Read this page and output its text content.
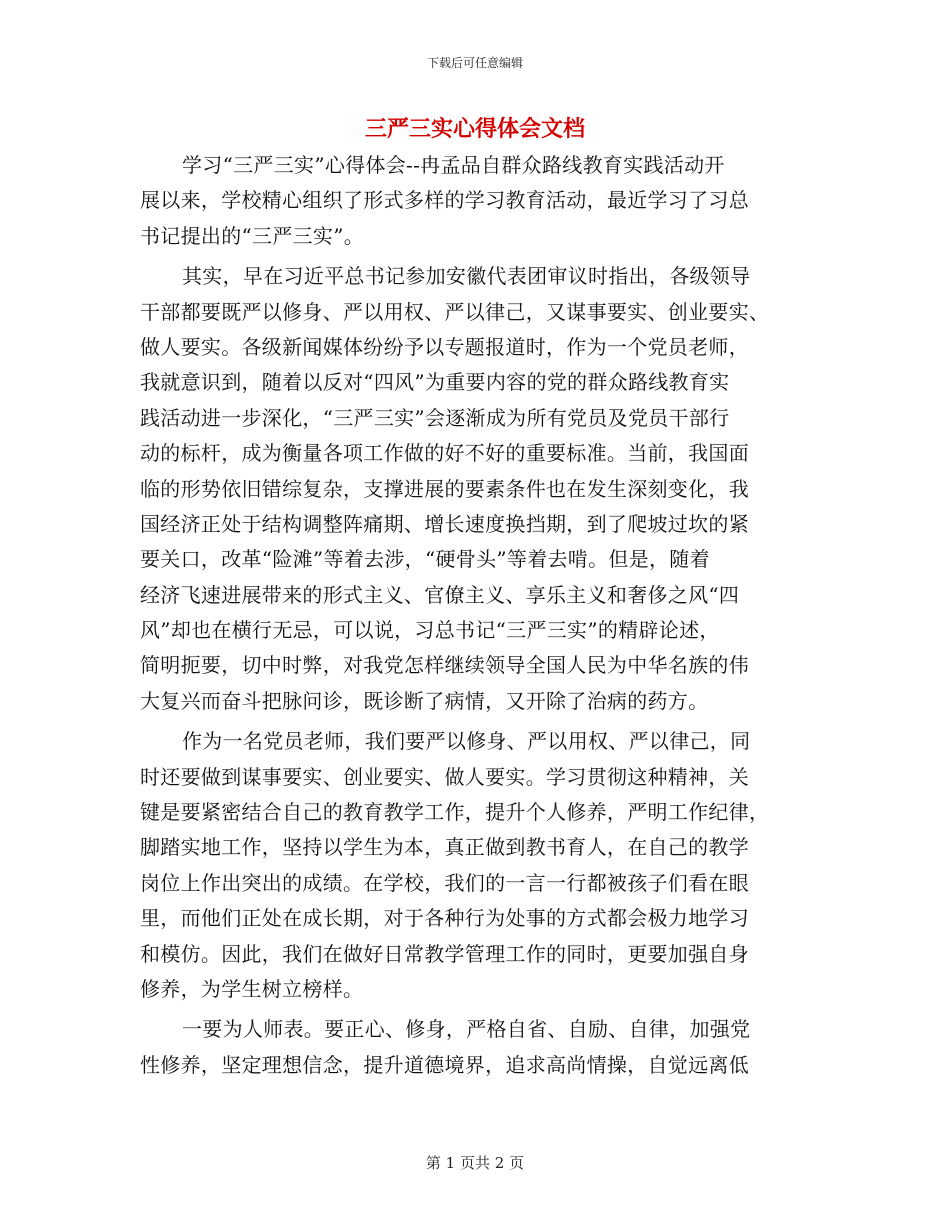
下载后可任意编辑
三严三实心得体会文档
学习“三严三实”心得体会--冉孟品自群众路线教育实践活动开
展以来，学校精心组织了形式多样的学习教育活动，最近学习了习总
书记提出的“三严三实”。
其实，早在习近平总书记参加安徽代表团审议时指出，各级领导
干部都要既严以修身、严以用权、严以律己，又谋事要实、创业要实、
做人要实。各级新闻媒体纷纷予以专题报道时，作为一个党员老师，
我就意识到，随着以反对“四风”为重要内容的党的群众路线教育实
践活动进一步深化，“三严三实”会逐渐成为所有党员及党员干部行
动的标杆，成为衡量各项工作做的好不好的重要标准。当前，我国面
临的形势依旧错综复杂，支撑进展的要素条件也在发生深刻变化，我
国经济正处于结构调整阵痛期、增长速度换挡期，到了爬坡过坎的紧
要关口，改革“险滩”等着去涉，“硬骨头”等着去啃。但是，随着
经济飞速进展带来的形式主义、官僚主义、享乐主义和奢侈之风“四
风”却也在横行无忌，可以说，习总书记“三严三实”的精辟论述，
简明扼要，切中时弊，对我党怎样继续领导全国人民为中华名族的伟
大复兴而奋斗把脉问诊，既诊断了病情，又开除了治病的药方。
作为一名党员老师，我们要严以修身、严以用权、严以律己，同
时还要做到谋事要实、创业要实、做人要实。学习贯彻这种精神，关
键是要紧密结合自己的教育教学工作，提升个人修养，严明工作纪律，
脚踏实地工作，坚持以学生为本，真正做到教书育人，在自己的教学
岗位上作出突出的成绩。在学校，我们的一言一行都被孩子们看在眼
里，而他们正处在成长期，对于各种行为处事的方式都会极力地学习
和模仿。因此，我们在做好日常教学管理工作的同时，更要加强自身
修养，为学生树立榜样。
一要为人师表。要正心、修身，严格自省、自励、自律，加强党
性修养，坚定理想信念，提升道德境界，追求高尚情操，自觉远离低
第 1 页共 2 页
